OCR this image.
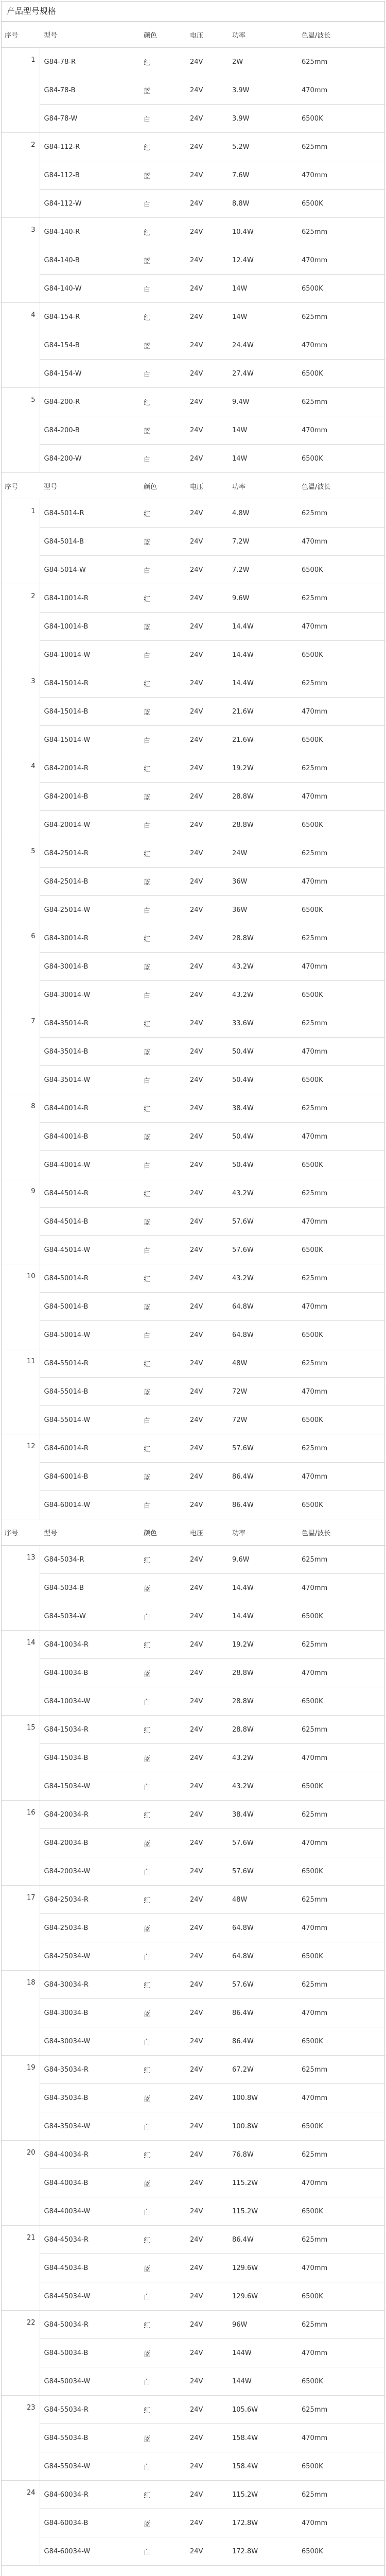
产品型号规格
序号	型号	颜色	电压	功率	色温/波长
1	G84-78-R	红	24V	2W	625mm
	G84-78-B	蓝	24V	3.9W	470mm
	G84-78-W	白	24V	3.9W	6500K
2	G84-112-R	红	24V	5.2W	625mm
	G84-112-B	蓝	24V	7.6W	470mm
	G84-112-W	白	24V	8.8W	6500K
3	G84-140-R	红	24V	10.4W	625mm
	G84-140-B	蓝	24V	12.4W	470mm
	G84-140-W	白	24V	14W	6500K
4	G84-154-R	红	24V	14W	625mm
	G84-154-B	蓝	24V	24.4W	470mm
	G84-154-W	白	24V	27.4W	6500K
5	G84-200-R	红	24V	9.4W	625mm
	G84-200-B	蓝	24V	14W	470mm
	G84-200-W	白	24V	14W	6500K
序号	型号	颜色	电压	功率	色温/波长
1	G84-5014-R	红	24V	4.8W	625mm
	G84-5014-B	蓝	24V	7.2W	470mm
	G84-5014-W	白	24V	7.2W	6500K
2	G84-10014-R	红	24V	9.6W	625mm
	G84-10014-B	蓝	24V	14.4W	470mm
	G84-10014-W	白	24V	14.4W	6500K
3	G84-15014-R	红	24V	14.4W	625mm
	G84-15014-B	蓝	24V	21.6W	470mm
	G84-15014-W	白	24V	21.6W	6500K
4	G84-20014-R	红	24V	19.2W	625mm
	G84-20014-B	蓝	24V	28.8W	470mm
	G84-20014-W	白	24V	28.8W	6500K
5	G84-25014-R	红	24V	24W	625mm
	G84-25014-B	蓝	24V	36W	470mm
	G84-25014-W	白	24V	36W	6500K
6	G84-30014-R	红	24V	28.8W	625mm
	G84-30014-B	蓝	24V	43.2W	470mm
	G84-30014-W	白	24V	43.2W	6500K
7	G84-35014-R	红	24V	33.6W	625mm
	G84-35014-B	蓝	24V	50.4W	470mm
	G84-35014-W	白	24V	50.4W	6500K
8	G84-40014-R	红	24V	38.4W	625mm
	G84-40014-B	蓝	24V	50.4W	470mm
	G84-40014-W	白	24V	50.4W	6500K
9	G84-45014-R	红	24V	43.2W	625mm
	G84-45014-B	蓝	24V	57.6W	470mm
	G84-45014-W	白	24V	57.6W	6500K
10	G84-50014-R	红	24V	43.2W	625mm
	G84-50014-B	蓝	24V	64.8W	470mm
	G84-50014-W	白	24V	64.8W	6500K
11	G84-55014-R	红	24V	48W	625mm
	G84-55014-B	蓝	24V	72W	470mm
	G84-55014-W	白	24V	72W	6500K
12	G84-60014-R	红	24V	57.6W	625mm
	G84-60014-B	蓝	24V	86.4W	470mm
	G84-60014-W	白	24V	86.4W	6500K
序号	型号	颜色	电压	功率	色温/波长
13	G84-5034-R	红	24V	9.6W	625mm
	G84-5034-B	蓝	24V	14.4W	470mm
	G84-5034-W	白	24V	14.4W	6500K
14	G84-10034-R	红	24V	19.2W	625mm
	G84-10034-B	蓝	24V	28.8W	470mm
	G84-10034-W	白	24V	28.8W	6500K
15	G84-15034-R	红	24V	28.8W	625mm
	G84-15034-B	蓝	24V	43.2W	470mm
	G84-15034-W	白	24V	43.2W	6500K
16	G84-20034-R	红	24V	38.4W	625mm
	G84-20034-B	蓝	24V	57.6W	470mm
	G84-20034-W	白	24V	57.6W	6500K
17	G84-25034-R	红	24V	48W	625mm
	G84-25034-B	蓝	24V	64.8W	470mm
	G84-25034-W	白	24V	64.8W	6500K
18	G84-30034-R	红	24V	57.6W	625mm
	G84-30034-B	蓝	24V	86.4W	470mm
	G84-30034-W	白	24V	86.4W	6500K
19	G84-35034-R	红	24V	67.2W	625mm
	G84-35034-B	蓝	24V	100.8W	470mm
	G84-35034-W	白	24V	100.8W	6500K
20	G84-40034-R	红	24V	76.8W	625mm
	G84-40034-B	蓝	24V	115.2W	470mm
	G84-40034-W	白	24V	115.2W	6500K
21	G84-45034-R	红	24V	86.4W	625mm
	G84-45034-B	蓝	24V	129.6W	470mm
	G84-45034-W	白	24V	129.6W	6500K
22	G84-50034-R	红	24V	96W	625mm
	G84-50034-B	蓝	24V	144W	470mm
	G84-50034-W	白	24V	144W	6500K
23	G84-55034-R	红	24V	105.6W	625mm
	G84-55034-B	蓝	24V	158.4W	470mm
	G84-55034-W	白	24V	158.4W	6500K
24	G84-60034-R	红	24V	115.2W	625mm
	G84-60034-B	蓝	24V	172.8W	470mm
	G84-60034-W	白	24V	172.8W	6500K
